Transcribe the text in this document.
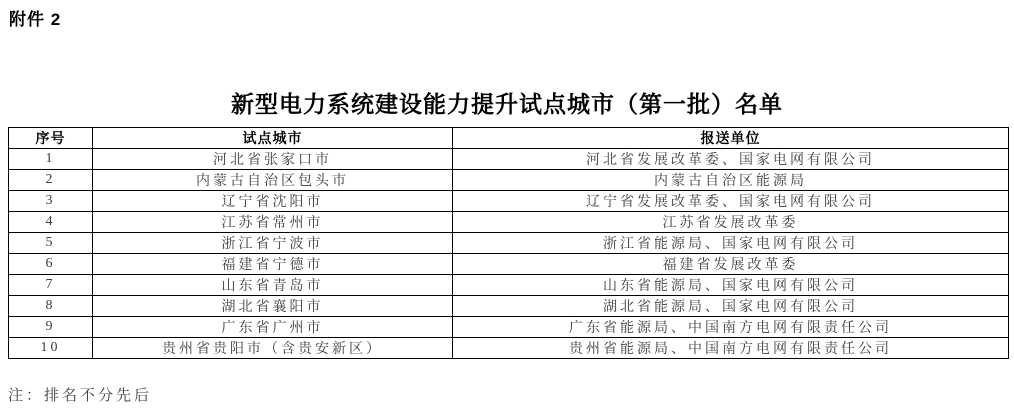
附件 2
新型电力系统建设能力提升试点城市（第一批）名单
序号	试点城市	报送单位
1	河北省张家口市	河北省发展改革委、国家电网有限公司
2	内蒙古自治区包头市	内蒙古自治区能源局
3	辽宁省沈阳市	辽宁省发展改革委、国家电网有限公司
4	江苏省常州市	江苏省发展改革委
5	浙江省宁波市	浙江省能源局、国家电网有限公司
6	福建省宁德市	福建省发展改革委
7	山东省青岛市	山东省能源局、国家电网有限公司
8	湖北省襄阳市	湖北省能源局、国家电网有限公司
9	广东省广州市	广东省能源局、中国南方电网有限责任公司
10	贵州省贵阳市（含贵安新区）	贵州省能源局、中国南方电网有限责任公司
注：排名不分先后
